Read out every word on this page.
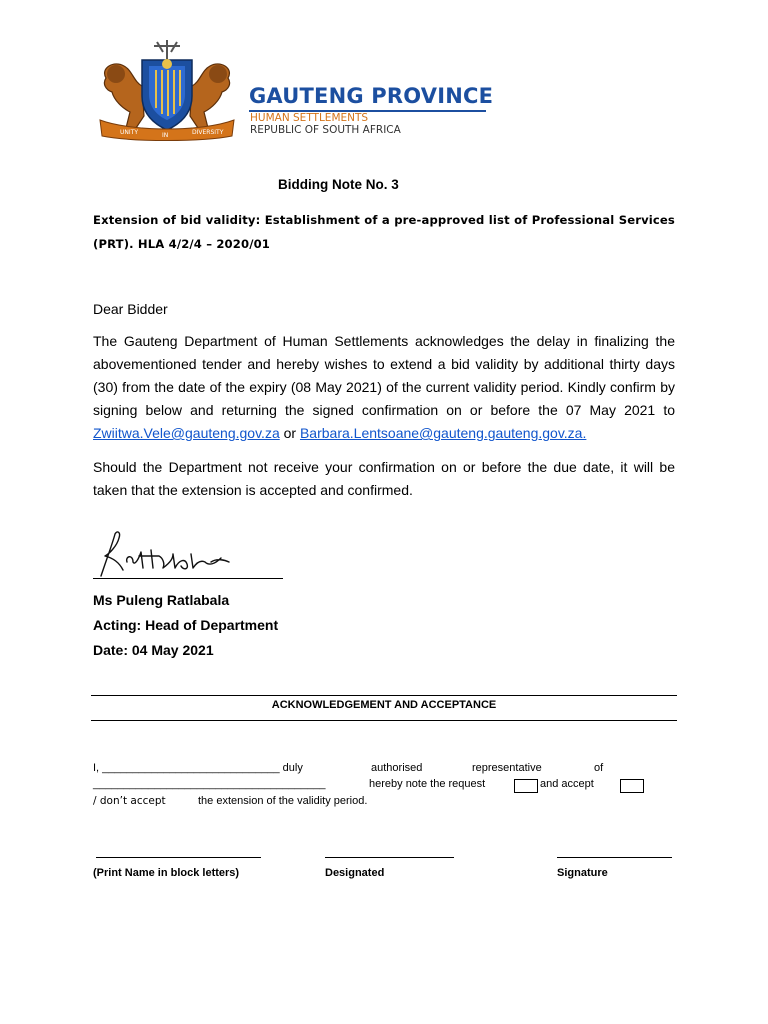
UNITY	IN	DIVERSITY
GAUTENG PROVINCE
HUMAN SETTLEMENTS
REPUBLIC OF SOUTH AFRICA
Bidding Note No. 3
Extension of bid validity: Establishment of a pre-approved list of Professional Services (PRT). HLA 4/2/4 – 2020/01
Dear Bidder
The Gauteng Department of Human Settlements acknowledges the delay in finalizing the abovementioned tender and hereby wishes to extend a bid validity by additional thirty days (30) from the date of the expiry (08 May 2021) of the current validity period. Kindly confirm by signing below and returning the signed confirmation on or before the 07 May 2021 to Zwiitwa.Vele@gauteng.gov.za or Barbara.Lentsoane@gauteng.gauteng.gov.za.
Should the Department not receive your confirmation on or before the due date, it will be taken that the extension is accepted and confirmed.
Ms Puleng Ratlabala
Acting: Head of Department
Date: 04 May 2021
ACKNOWLEDGEMENT AND ACCEPTANCE
I, _____________________________ duly	authorised	representative	of
______________________________________	hereby note the request	and accept
/ don’t accept	the extension of the validity period.
(Print Name in block letters)	Designated	Signature
